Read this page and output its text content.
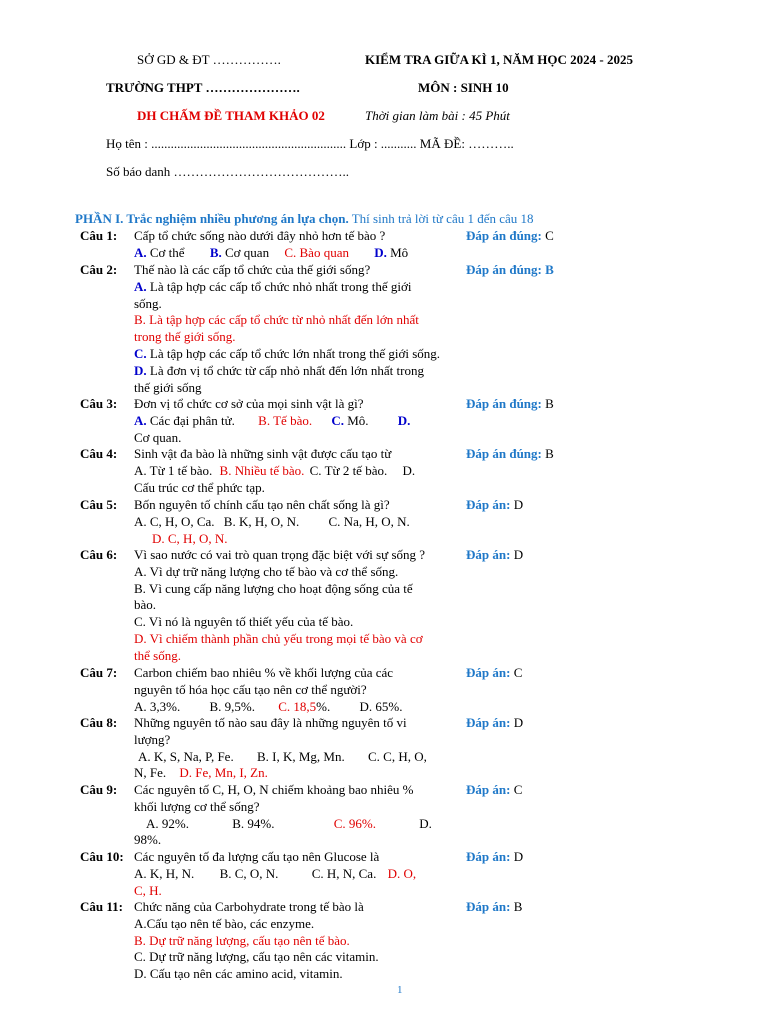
SỞ GD & ĐT …………….	KIỂM TRA GIỮA KÌ 1, NĂM HỌC 2024 - 2025
TRƯỜNG THPT ………………….	MÔN : SINH 10
DH CHẤM ĐỀ THAM KHẢO 02	Thời gian làm bài : 45 Phút
Họ tên : ............................................................ Lớp : ........... MÃ ĐỀ: ………..
Số báo danh …………………………………..
PHẦN I. Trắc nghiệm nhiều phương án lựa chọn. Thí sinh trả lời từ câu 1 đến câu 18
Câu 1: Cấp tổ chức sống nào dưới đây nhỏ hơn tế bào ?
A. Cơ thể B. Cơ quan C. Bào quan D. Mô
Đáp án đúng: C
Câu 2: Thế nào là các cấp tổ chức của thế giới sống?
A. Là tập hợp các cấp tổ chức nhỏ nhất trong thế giới
sống.
B. Là tập hợp các cấp tổ chức từ nhỏ nhất đến lớn nhất
trong thế giới sống.
C. Là tập hợp các cấp tổ chức lớn nhất trong thế giới sống.
D. Là đơn vị tổ chức từ cấp nhỏ nhất đến lớn nhất trong
thế giới sống
Đáp án đúng: B
Câu 3: Đơn vị tổ chức cơ sở của mọi sinh vật là gì?
A. Các đại phân tử. B. Tế bào. C. Mô. D.
Cơ quan.
Đáp án đúng: B
Câu 4: Sinh vật đa bào là những sinh vật được cấu tạo từ
A. Từ 1 tế bào. B. Nhiều tế bào. C. Từ 2 tế bào. D.
Cấu trúc cơ thể phức tạp.
Đáp án đúng: B
Câu 5: Bốn nguyên tố chính cấu tạo nên chất sống là gì?
A. C, H, O, Ca. B. K, H, O, N. C. Na, H, O, N.
D. C, H, O, N.
Đáp án: D
Câu 6: Vì sao nước có vai trò quan trọng đặc biệt với sự sống ?
A. Vì dự trữ năng lượng cho tế bào và cơ thể sống.
B. Vì cung cấp năng lượng cho hoạt động sống của tế
bào.
C. Vì nó là nguyên tố thiết yếu của tế bào.
D. Vì chiếm thành phần chủ yếu trong mọi tế bào và cơ
thể sống.
Đáp án: D
Câu 7: Carbon chiếm bao nhiêu % về khối lượng của các
nguyên tố hóa học cấu tạo nên cơ thể người?
A. 3,3%. B. 9,5%. C. 18,5%. D. 65%.
Đáp án: C
Câu 8: Những nguyên tố nào sau đây là những nguyên tố vi
lượng?
A. K, S, Na, P, Fe. B. I, K, Mg, Mn. C. C, H, O,
N, Fe. D. Fe, Mn, I, Zn.
Đáp án: D
Câu 9: Các nguyên tố C, H, O, N chiếm khoảng bao nhiêu %
khối lượng cơ thể sống?
A. 92%.	B. 94%.	C. 96%.	D.
98%.
Đáp án: C
Câu 10: Các nguyên tố đa lượng cấu tạo nên Glucose là
A. K, H, N. B. C, O, N.	C. H, N, Ca. D. O,
C, H.
Đáp án: D
Câu 11: Chức năng của Carbohydrate trong tế bào là
A.Cấu tạo nên tế bào, các enzyme.
B. Dự trữ năng lượng, cấu tạo nên tế bào.
C. Dự trữ năng lượng, cấu tạo nên các vitamin.
D. Cấu tạo nên các amino acid, vitamin.
Đáp án: B
1
